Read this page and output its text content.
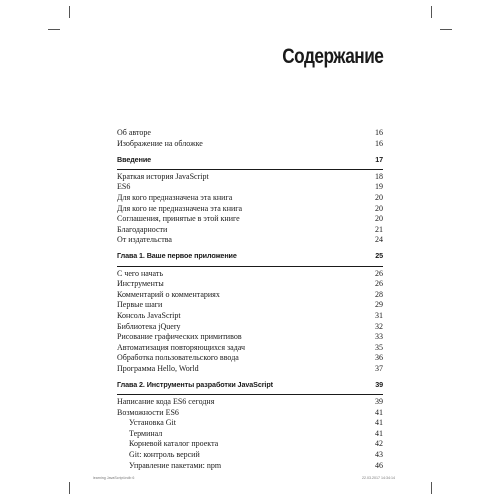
Содержание
Об авторе	16
Изображение на обложке	16
Введение	17
Краткая история JavaScript	18
ES6	19
Для кого предназначена эта книга	20
Для кого не предназначена эта книга	20
Соглашения, принятые в этой книге	20
Благодарности	21
От издательства	24
Глава 1. Ваше первое приложение	25
С чего начать	26
Инструменты	26
Комментарий о комментариях	28
Первые шаги	29
Консоль JavaScript	31
Библиотека jQuery	32
Рисование графических примитивов	33
Автоматизация повторяющихся задач	35
Обработка пользовательского ввода	36
Программа Hello, World	37
Глава 2. Инструменты разработки JavaScript	39
Написание кода ES6 сегодня	39
Возможности ES6	41
Установка Git	41
Терминал	41
Корневой каталог проекта	42
Git: контроль версий	43
Управление пакетами: npm	46
learning JavaScript.indb 6	22.03.2017 14:34:14
